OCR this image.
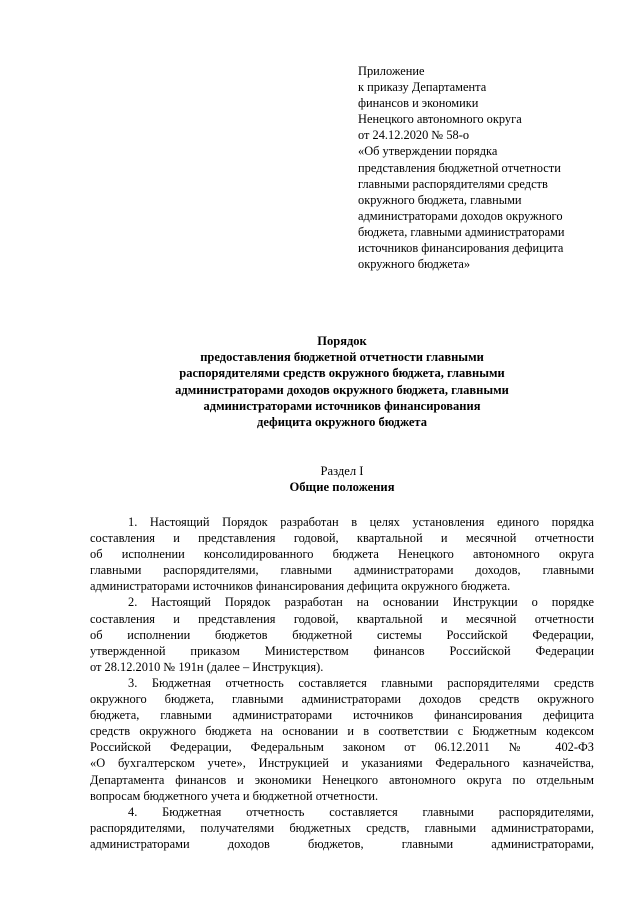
Приложение
к приказу Департамента
финансов и экономики
Ненецкого автономного округа
от 24.12.2020 № 58-о
«Об утверждении порядка
представления бюджетной отчетности
главными распорядителями средств
окружного бюджета, главными
администраторами доходов окружного
бюджета, главными администраторами
источников финансирования дефицита
окружного бюджета»
Порядок
предоставления бюджетной отчетности главными
распорядителями средств окружного бюджета, главными
администраторами доходов окружного бюджета, главными
администраторами источников финансирования
дефицита окружного бюджета
Раздел I
Общие положения
1. Настоящий Порядок разработан в целях установления единого порядка
составления и представления годовой, квартальной и месячной отчетности
об исполнении консолидированного бюджета Ненецкого автономного округа
главными распорядителями, главными администраторами доходов, главными
администраторами источников финансирования дефицита окружного бюджета.
2. Настоящий Порядок разработан на основании Инструкции о порядке
составления и представления годовой, квартальной и месячной отчетности
об исполнении бюджетов бюджетной системы Российской Федерации,
утвержденной приказом Министерством финансов Российской Федерации
от 28.12.2010 № 191н (далее – Инструкция).
3. Бюджетная отчетность составляется главными распорядителями средств
окружного бюджета, главными администраторами доходов средств окружного
бюджета, главными администраторами источников финансирования дефицита
средств окружного бюджета на основании и в соответствии с Бюджетным кодексом
Российской Федерации, Федеральным законом от 06.12.2011 № 402-ФЗ
«О бухгалтерском учете», Инструкцией и указаниями Федерального казначейства,
Департамента финансов и экономики Ненецкого автономного округа по отдельным
вопросам бюджетного учета и бюджетной отчетности.
4. Бюджетная отчетность составляется главными распорядителями,
распорядителями, получателями бюджетных средств, главными администраторами,
администраторами доходов бюджетов, главными администраторами,
